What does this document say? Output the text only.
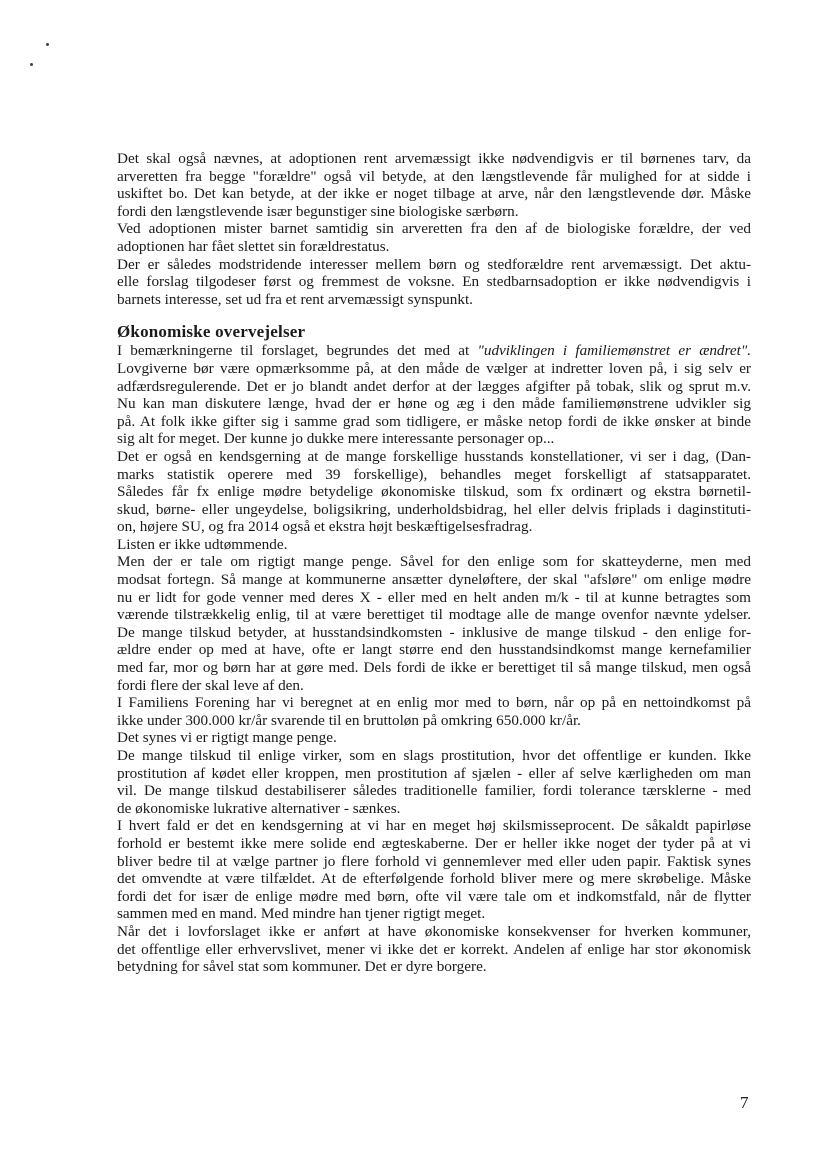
Det skal også nævnes, at adoptionen rent arvemæssigt ikke nødvendigvis er til børnenes tarv, da
arveretten fra begge "forældre" også vil betyde, at den længstlevende får mulighed for at sidde i
uskiftet bo. Det kan betyde, at der ikke er noget tilbage at arve, når den længstlevende dør. Måske
fordi den længstlevende især begunstiger sine biologiske særbørn.
Ved adoptionen mister barnet samtidig sin arveretten fra den af de biologiske forældre, der ved
adoptionen har fået slettet sin forældrestatus.
Der er således modstridende interesser mellem børn og stedforældre rent arvemæssigt. Det aktu-
elle forslag tilgodeser først og fremmest de voksne. En stedbarnsadoption er ikke nødvendigvis i
barnets interesse, set ud fra et rent arvemæssigt synspunkt.
Økonomiske overvejelser
I bemærkningerne til forslaget, begrundes det med at "udviklingen i familiemønstret er ændret".
Lovgiverne bør være opmærksomme på, at den måde de vælger at indretter loven på, i sig selv er
adfærdsregulerende. Det er jo blandt andet derfor at der lægges afgifter på tobak, slik og sprut m.v.
Nu kan man diskutere længe, hvad der er høne og æg i den måde familiemønstrene udvikler sig
på. At folk ikke gifter sig i samme grad som tidligere, er måske netop fordi de ikke ønsker at binde
sig alt for meget. Der kunne jo dukke mere interessante personager op...
Det er også en kendsgerning at de mange forskellige husstands konstellationer, vi ser i dag, (Dan-
marks statistik operere med 39 forskellige), behandles meget forskelligt af statsapparatet.
Således får fx enlige mødre betydelige økonomiske tilskud, som fx ordinært og ekstra børnetil-
skud, børne- eller ungeydelse, boligsikring, underholdsbidrag, hel eller delvis friplads i daginstituti-
on, højere SU, og fra 2014 også et ekstra højt beskæftigelsesfradrag.
Listen er ikke udtømmende.
Men der er tale om rigtigt mange penge. Såvel for den enlige som for skatteyderne, men med
modsat fortegn. Så mange at kommunerne ansætter dyneløftere, der skal "afsløre" om enlige mødre
nu er lidt for gode venner med deres X - eller med en helt anden m/k - til at kunne betragtes som
værende tilstrækkelig enlig, til at være berettiget til modtage alle de mange ovenfor nævnte ydelser.
De mange tilskud betyder, at husstandsindkomsten - inklusive de mange tilskud - den enlige for-
ældre ender op med at have, ofte er langt større end den husstandsindkomst mange kernefamilier
med far, mor og børn har at gøre med. Dels fordi de ikke er berettiget til så mange tilskud, men også
fordi flere der skal leve af den.
I Familiens Forening har vi beregnet at en enlig mor med to børn, når op på en nettoindkomst på
ikke under 300.000 kr/år svarende til en bruttoløn på omkring 650.000 kr/år.
Det synes vi er rigtigt mange penge.
De mange tilskud til enlige virker, som en slags prostitution, hvor det offentlige er kunden. Ikke
prostitution af kødet eller kroppen, men prostitution af sjælen - eller af selve kærligheden om man
vil. De mange tilskud destabiliserer således traditionelle familier, fordi tolerance tærsklerne - med
de økonomiske lukrative alternativer - sænkes.
I hvert fald er det en kendsgerning at vi har en meget høj skilsmisseprocent. De såkaldt papirløse
forhold er bestemt ikke mere solide end ægteskaberne. Der er heller ikke noget der tyder på at vi
bliver bedre til at vælge partner jo flere forhold vi gennemlever med eller uden papir. Faktisk synes
det omvendte at være tilfældet. At de efterfølgende forhold bliver mere og mere skrøbelige. Måske
fordi det for især de enlige mødre med børn, ofte vil være tale om et indkomstfald, når de flytter
sammen med en mand. Med mindre han tjener rigtigt meget.
Når det i lovforslaget ikke er anført at have økonomiske konsekvenser for hverken kommuner,
det offentlige eller erhvervslivet, mener vi ikke det er korrekt. Andelen af enlige har stor økonomisk
betydning for såvel stat som kommuner. Det er dyre borgere.
7
